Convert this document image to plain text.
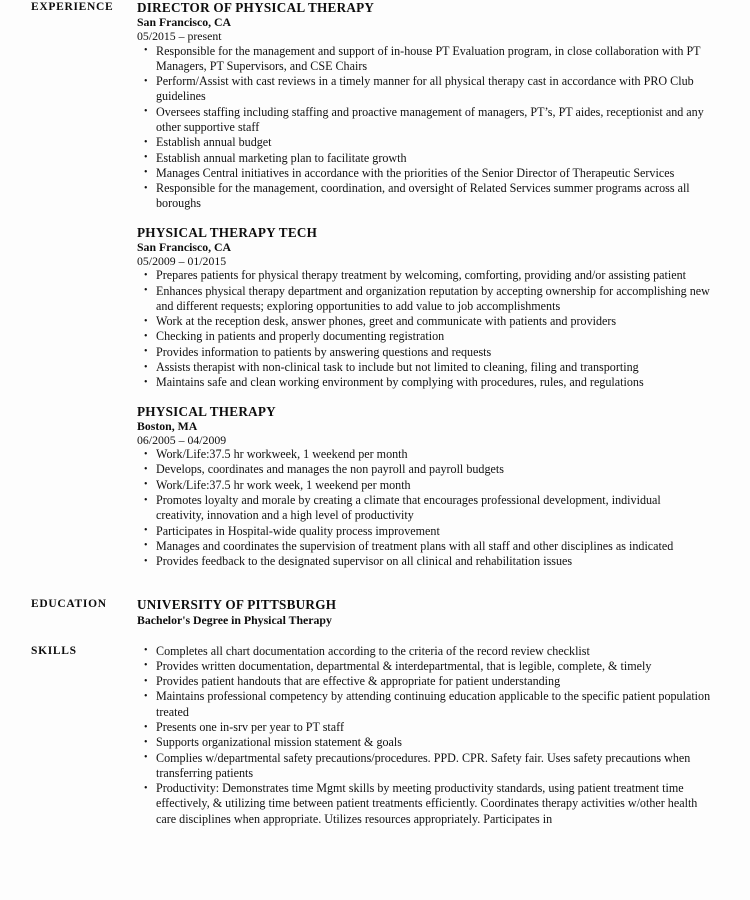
EXPERIENCE	DIRECTOR OF PHYSICAL THERAPY
San Francisco, CA
05/2015 – present
• Responsible for the management and support of in-house PT Evaluation program, in close collaboration with PT Managers, PT Supervisors, and CSE Chairs
• Perform/Assist with cast reviews in a timely manner for all physical therapy cast in accordance with PRO Club guidelines
• Oversees staffing including staffing and proactive management of managers, PT’s, PT aides, receptionist and any other supportive staff
• Establish annual budget
• Establish annual marketing plan to facilitate growth
• Manages Central initiatives in accordance with the priorities of the Senior Director of Therapeutic Services
• Responsible for the management, coordination, and oversight of Related Services summer programs across all boroughs
PHYSICAL THERAPY TECH
San Francisco, CA
05/2009 – 01/2015
• Prepares patients for physical therapy treatment by welcoming, comforting, providing and/or assisting patient
• Enhances physical therapy department and organization reputation by accepting ownership for accomplishing new and different requests; exploring opportunities to add value to job accomplishments
• Work at the reception desk, answer phones, greet and communicate with patients and providers
• Checking in patients and properly documenting registration
• Provides information to patients by answering questions and requests
• Assists therapist with non-clinical task to include but not limited to cleaning, filing and transporting
• Maintains safe and clean working environment by complying with procedures, rules, and regulations
PHYSICAL THERAPY
Boston, MA
06/2005 – 04/2009
• Work/Life:37.5 hr workweek, 1 weekend per month
• Develops, coordinates and manages the non payroll and payroll budgets
• Work/Life:37.5 hr work week, 1 weekend per month
• Promotes loyalty and morale by creating a climate that encourages professional development, individual creativity, innovation and a high level of productivity
• Participates in Hospital-wide quality process improvement
• Manages and coordinates the supervision of treatment plans with all staff and other disciplines as indicated
• Provides feedback to the designated supervisor on all clinical and rehabilitation issues
EDUCATION	UNIVERSITY OF PITTSBURGH
Bachelor's Degree in Physical Therapy
SKILLS	• Completes all chart documentation according to the criteria of the record review checklist
• Provides written documentation, departmental & interdepartmental, that is legible, complete, & timely
• Provides patient handouts that are effective & appropriate for patient understanding
• Maintains professional competency by attending continuing education applicable to the specific patient population treated
• Presents one in-srv per year to PT staff
• Supports organizational mission statement & goals
• Complies w/departmental safety precautions/procedures. PPD. CPR. Safety fair. Uses safety precautions when transferring patients
• Productivity: Demonstrates time Mgmt skills by meeting productivity standards, using patient treatment time effectively, & utilizing time between patient treatments efficiently. Coordinates therapy activities w/other health care disciplines when appropriate. Utilizes resources appropriately. Participates in
